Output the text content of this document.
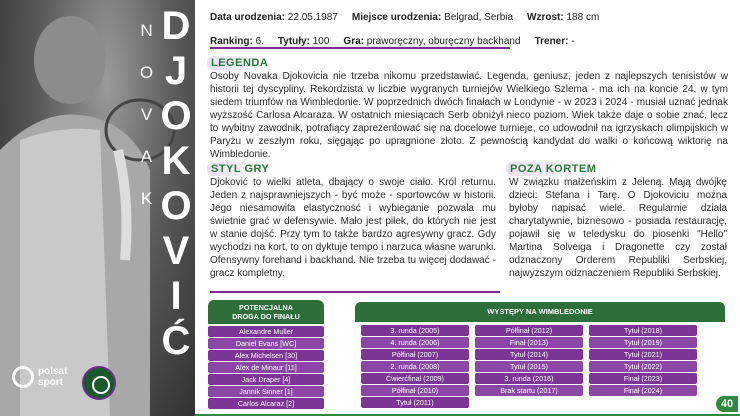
N
O
V
A
K
D
J
O
K
O
V
I
Ć
polsat
sport
Data urodzenia: 22.05.1987 Miejsce urodzenia: Belgrad, Serbia Wzrost: 188 cm
Ranking: 6. Tytuły: 100 Gra: praworęczny, oburęczny backhand Trener: -
LEGENDA
Osoby Novaka Djokovicia nie trzeba nikomu przedstawiać. Legenda, geniusz, jeden z najlepszych tenisistów w historii tej dyscypliny. Rekordzista w liczbie wygranych turniejów Wielkiego Szlema - ma ich na koncie 24, w tym siedem triumfów na Wimbledonie. W poprzednich dwóch finałach w Londynie - w 2023 i 2024 - musiał uznać jednak wyższość Carlosa Alcaraza. W ostatnich miesiącach Serb obniżył nieco poziom. Wiek także daje o sobie znać, lecz to wybitny zawodnik, potrafiący zaprezentować się na docelowe turnieje, co udowodnił na igrzyskach olimpijskich w Paryżu w zeszłym roku, sięgając po upragnione złoto. Z pewnością kandydat do walki o końcową wiktorię na Wimbledonie.
STYL GRY
Djoković to wielki atleta, dbający o swoje ciało. Król returnu. Jeden z najsprawniejszych - być może - sportowców w historii. Jego niesamowita elastyczność i wybieganie pozwala mu świetnie grać w defensywie. Mało jest piłek, do których nie jest w stanie dojść. Przy tym to także bardzo agresywny gracz. Gdy wychodzi na kort, to on dyktuje tempo i narzuca własne warunki. Ofensywny forehand i backhand. Nie trzeba tu więcej dodawać - gracz kompletny.
POZA KORTEM
W związku małżeńskim z Jeleną. Mają dwójkę dzieci: Stefana i Tarę. O Djokoviciu można byłoby napisać wiele. Regularnie działa charytatywnie, biznesowo - posiada restaurację, pojawił się w teledysku do piosenki "Hello" Martina Solveiga i Dragonette czy został odznaczony Orderem Republiki Serbskiej, najwyższym odznaczeniem Republiki Serbskiej.
POTENCJALNA
DROGA DO FINAŁU
Alexandre Muller
Daniel Evans [WC]
Alex Michelsen [30]
Alex de Minaur [11]
Jack Draper [4]
Jannik Sinner [1]
Carlos Alcaraz [2]
WYSTĘPY NA WIMBLEDONIE
3. runda (2005)
4. runda (2006)
Półfinał (2007)
2. runda (2008)
Ćwierćfinał (2009)
Półfinał (2010)
Tytuł (2011)
Półfinał (2012)
Finał (2013)
Tytuł (2014)
Tytuł (2015)
3. runda (2016)
Brak startu (2017)
Tytuł (2018)
Tytuł (2019)
Tytuł (2021)
Tytuł (2022)
Finał (2023)
Finał (2024)
40
